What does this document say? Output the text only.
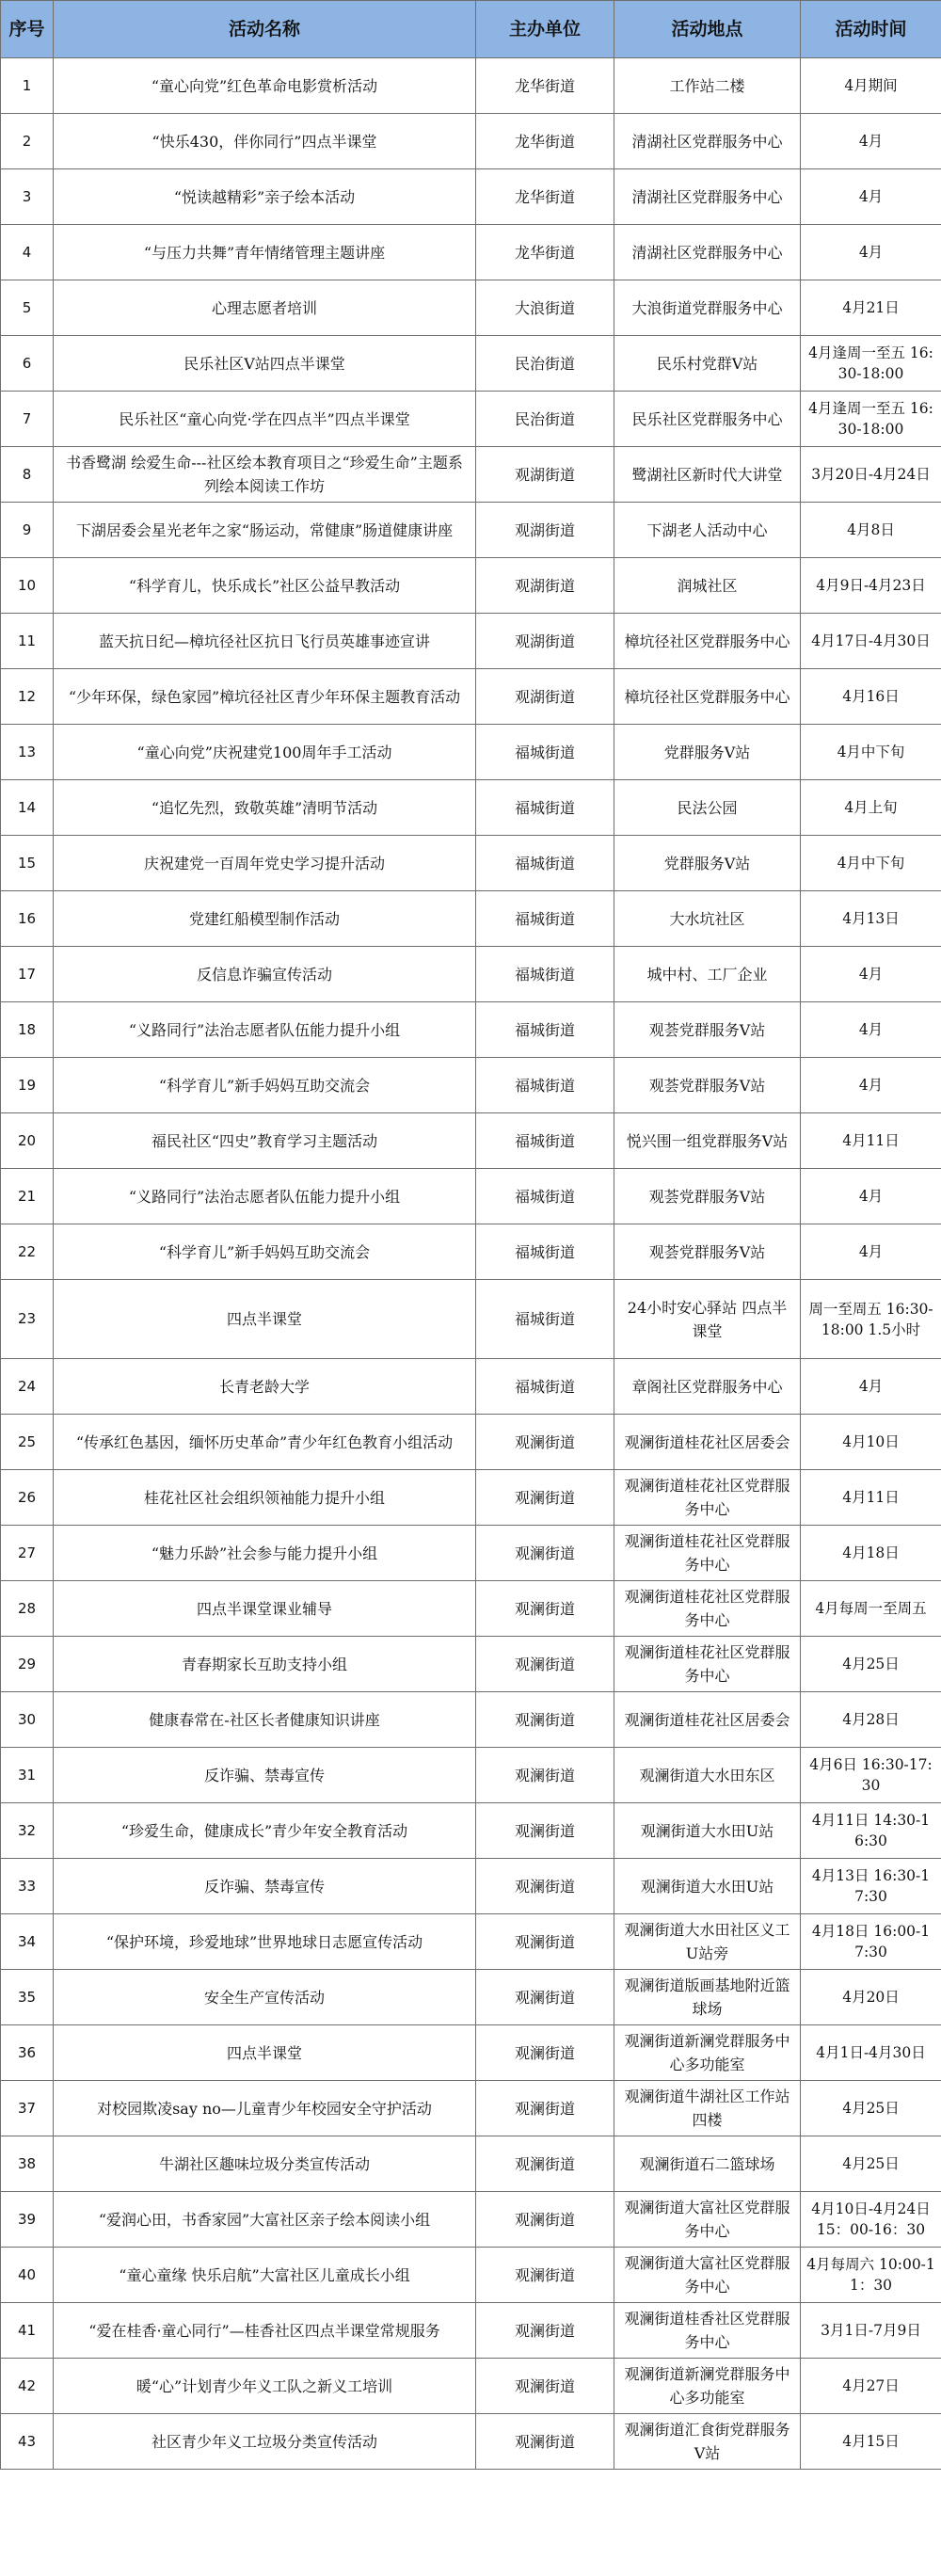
序号	活动名称	主办单位	活动地点	活动时间
1	“童心向党”红色革命电影赏析活动	龙华街道	工作站二楼	4月期间
2	“快乐430，伴你同行”四点半课堂	龙华街道	清湖社区党群服务中心	4月
3	“悦读越精彩”亲子绘本活动	龙华街道	清湖社区党群服务中心	4月
4	“与压力共舞”青年情绪管理主题讲座	龙华街道	清湖社区党群服务中心	4月
5	心理志愿者培训	大浪街道	大浪街道党群服务中心	4月21日
6	民乐社区V站四点半课堂	民治街道	民乐村党群V站	4月逢周一至五 16:30-18:00
7	民乐社区“童心向党·学在四点半”四点半课堂	民治街道	民乐社区党群服务中心	4月逢周一至五 16:30-18:00
8	书香鹭湖 绘爱生命---社区绘本教育项目之“珍爱生命”主题系列绘本阅读工作坊	观湖街道	鹭湖社区新时代大讲堂	3月20日-4月24日
9	下湖居委会星光老年之家“肠运动，常健康”肠道健康讲座	观湖街道	下湖老人活动中心	4月8日
10	“科学育儿，快乐成长”社区公益早教活动	观湖街道	润城社区	4月9日-4月23日
11	蓝天抗日纪—樟坑径社区抗日飞行员英雄事迹宣讲	观湖街道	樟坑径社区党群服务中心	4月17日-4月30日
12	“少年环保，绿色家园”樟坑径社区青少年环保主题教育活动	观湖街道	樟坑径社区党群服务中心	4月16日
13	“童心向党”庆祝建党100周年手工活动	福城街道	党群服务V站	4月中下旬
14	“追忆先烈，致敬英雄”清明节活动	福城街道	民法公园	4月上旬
15	庆祝建党一百周年党史学习提升活动	福城街道	党群服务V站	4月中下旬
16	党建红船模型制作活动	福城街道	大水坑社区	4月13日
17	反信息诈骗宣传活动	福城街道	城中村、工厂企业	4月
18	“义路同行”法治志愿者队伍能力提升小组	福城街道	观荟党群服务V站	4月
19	“科学育儿”新手妈妈互助交流会	福城街道	观荟党群服务V站	4月
20	福民社区“四史”教育学习主题活动	福城街道	悦兴围一组党群服务V站	4月11日
21	“义路同行”法治志愿者队伍能力提升小组	福城街道	观荟党群服务V站	4月
22	“科学育儿”新手妈妈互助交流会	福城街道	观荟党群服务V站	4月
23	四点半课堂	福城街道	24小时安心驿站 四点半课堂	周一至周五 16:30-18:00 1.5小时
24	长青老龄大学	福城街道	章阁社区党群服务中心	4月
25	“传承红色基因，缅怀历史革命”青少年红色教育小组活动	观澜街道	观澜街道桂花社区居委会	4月10日
26	桂花社区社会组织领袖能力提升小组	观澜街道	观澜街道桂花社区党群服务中心	4月11日
27	“魅力乐龄”社会参与能力提升小组	观澜街道	观澜街道桂花社区党群服务中心	4月18日
28	四点半课堂课业辅导	观澜街道	观澜街道桂花社区党群服务中心	4月每周一至周五
29	青春期家长互助支持小组	观澜街道	观澜街道桂花社区党群服务中心	4月25日
30	健康春常在-社区长者健康知识讲座	观澜街道	观澜街道桂花社区居委会	4月28日
31	反诈骗、禁毒宣传	观澜街道	观澜街道大水田东区	4月6日 16:30-17:30
32	“珍爱生命，健康成长”青少年安全教育活动	观澜街道	观澜街道大水田U站	4月11日 14:30-16:30
33	反诈骗、禁毒宣传	观澜街道	观澜街道大水田U站	4月13日 16:30-17:30
34	“保护环境，珍爱地球”世界地球日志愿宣传活动	观澜街道	观澜街道大水田社区义工U站旁	4月18日 16:00-17:30
35	安全生产宣传活动	观澜街道	观澜街道版画基地附近篮球场	4月20日
36	四点半课堂	观澜街道	观澜街道新澜党群服务中心多功能室	4月1日-4月30日
37	对校园欺凌say no—儿童青少年校园安全守护活动	观澜街道	观澜街道牛湖社区工作站四楼	4月25日
38	牛湖社区趣味垃圾分类宣传活动	观澜街道	观澜街道石二篮球场	4月25日
39	“爱润心田，书香家园”大富社区亲子绘本阅读小组	观澜街道	观澜街道大富社区党群服务中心	4月10日-4月24日 15：00-16：30
40	“童心童缘 快乐启航”大富社区儿童成长小组	观澜街道	观澜街道大富社区党群服务中心	4月每周六 10:00-11：30
41	“爱在桂香·童心同行”—桂香社区四点半课堂常规服务	观澜街道	观澜街道桂香社区党群服务中心	3月1日-7月9日
42	暖“心”计划青少年义工队之新义工培训	观澜街道	观澜街道新澜党群服务中心多功能室	4月27日
43	社区青少年义工垃圾分类宣传活动	观澜街道	观澜街道汇食街党群服务V站	4月15日
